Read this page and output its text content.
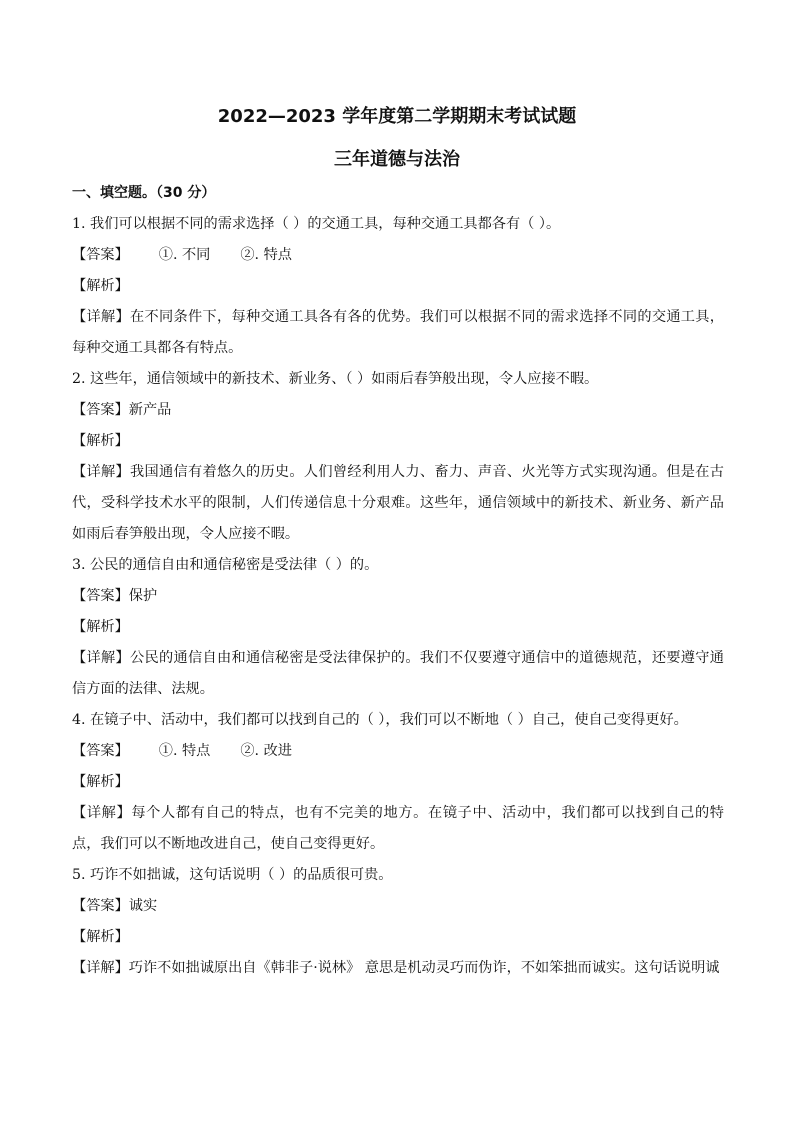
2022—2023 学年度第二学期期末考试试题
三年道德与法治

一、填空题。（30 分）

1. 我们可以根据不同的需求选择（ ）的交通工具，每种交通工具都各有（ ）。

【答案】 ①. 不同 ②. 特点

【解析】

【详解】在不同条件下，每种交通工具各有各的优势。我们可以根据不同的需求选择不同的交通工具，每种交通工具都各有特点。

2. 这些年，通信领域中的新技术、新业务、（ ）如雨后春笋般出现，令人应接不暇。

【答案】新产品

【解析】

【详解】我国通信有着悠久的历史。人们曾经利用人力、畜力、声音、火光等方式实现沟通。但是在古代，受科学技术水平的限制，人们传递信息十分艰难。这些年，通信领域中的新技术、新业务、新产品如雨后春笋般出现，令人应接不暇。

3. 公民的通信自由和通信秘密是受法律（ ）的。

【答案】保护

【解析】

【详解】公民的通信自由和通信秘密是受法律保护的。我们不仅要遵守通信中的道德规范，还要遵守通信方面的法律、法规。

4. 在镜子中、活动中，我们都可以找到自己的（ ），我们可以不断地（ ）自己，使自己变得更好。

【答案】 ①. 特点 ②. 改进

【解析】

【详解】每个人都有自己的特点，也有不完美的地方。在镜子中、活动中，我们都可以找到自己的特点，我们可以不断地改进自己，使自己变得更好。

5. 巧诈不如拙诚，这句话说明（ ）的品质很可贵。

【答案】诚实

【解析】

【详解】巧诈不如拙诚原出自《韩非子·说林》 意思是机动灵巧而伪诈，不如笨拙而诚实。这句话说明诚
